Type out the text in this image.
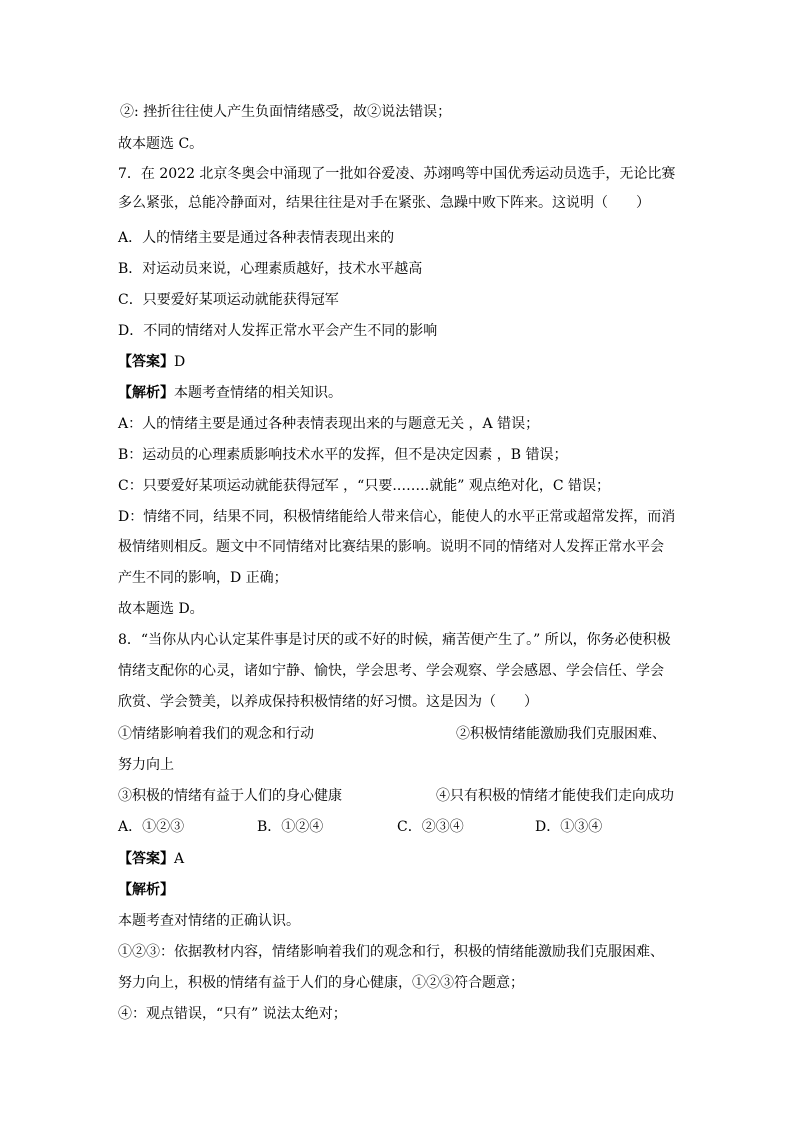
②: 挫折往往使人产生负面情绪感受，故②说法错误；
故本题选 C。
7．在 2022 北京冬奥会中涌现了一批如谷爱凌、苏翊鸣等中国优秀运动员选手，无论比赛
多么紧张，总能冷静面对，结果往往是对手在紧张、急躁中败下阵来。这说明（　　）
A．人的情绪主要是通过各种表情表现出来的
B．对运动员来说，心理素质越好，技术水平越高
C．只要爱好某项运动就能获得冠军
D．不同的情绪对人发挥正常水平会产生不同的影响
【答案】D
【解析】本题考查情绪的相关知识。
A：人的情绪主要是通过各种表情表现出来的与题意无关 ，A 错误；
B：运动员的心理素质影响技术水平的发挥，但不是决定因素 ，B 错误；
C：只要爱好某项运动就能获得冠军 ，“只要.…….就能” 观点绝对化，C 错误；
D：情绪不同，结果不同，积极情绪能给人带来信心，能使人的水平正常或超常发挥，而消
极情绪则相反。题文中不同情绪对比赛结果的影响。说明不同的情绪对人发挥正常水平会
产生不同的影响，D 正确；
故本题选 D。
8．“当你从内心认定某件事是讨厌的或不好的时候，痛苦便产生了。” 所以，你务必使积极
情绪支配你的心灵，诸如宁静、愉快，学会思考、学会观察、学会感恩、学会信任、学会
欣赏、学会赞美，以养成保持积极情绪的好习惯。这是因为（　　）
①情绪影响着我们的观念和行动	②积极情绪能激励我们克服困难、
努力向上
③积极的情绪有益于人们的身心健康	④只有积极的情绪才能使我们走向成功
A．①②③	B．①②④	C．②③④	D．①③④
【答案】A
【解析】
本题考查对情绪的正确认识。
①②③：依据教材内容，情绪影响着我们的观念和行，积极的情绪能激励我们克服困难、
努力向上，积极的情绪有益于人们的身心健康，①②③符合题意；
④：观点错误，“只有” 说法太绝对；
